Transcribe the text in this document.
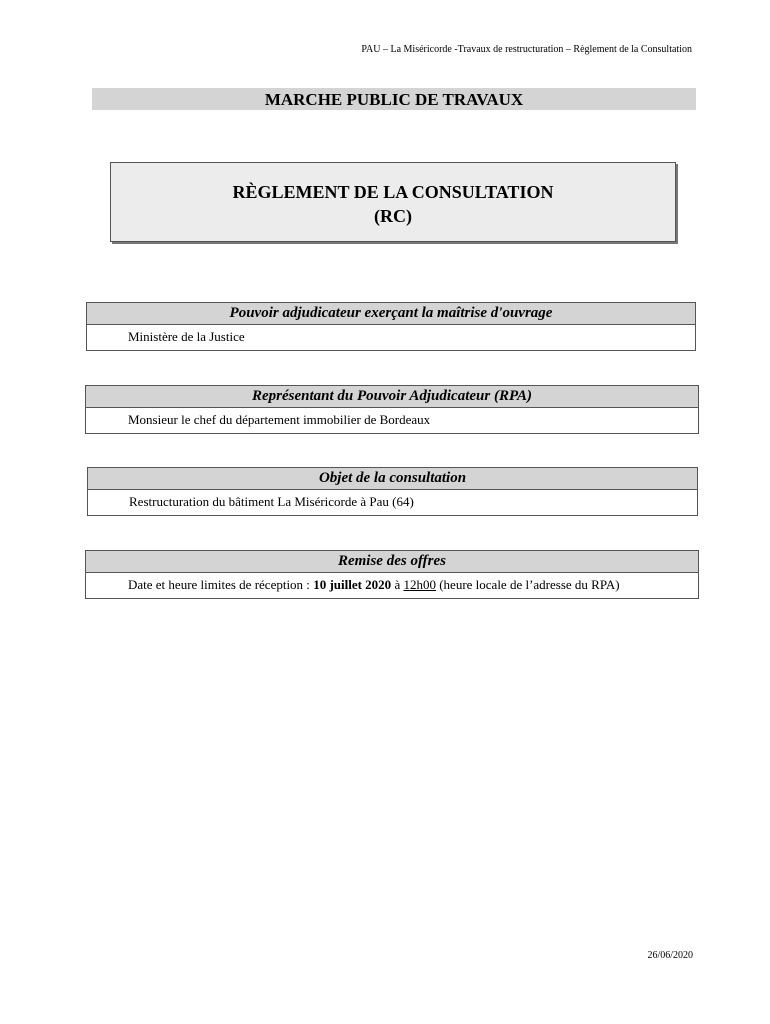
PAU – La Miséricorde -Travaux de restructuration – Règlement de la Consultation
MARCHE PUBLIC DE TRAVAUX
RÈGLEMENT DE LA CONSULTATION
(RC)
Pouvoir adjudicateur exerçant la maîtrise d'ouvrage
Ministère de la Justice
Représentant du Pouvoir Adjudicateur (RPA)
Monsieur le chef du département immobilier de Bordeaux
Objet de la consultation
Restructuration du bâtiment La Miséricorde à Pau (64)
Remise des offres
Date et heure limites de réception : 10 juillet 2020 à 12h00 (heure locale de l’adresse du RPA)
26/06/2020
